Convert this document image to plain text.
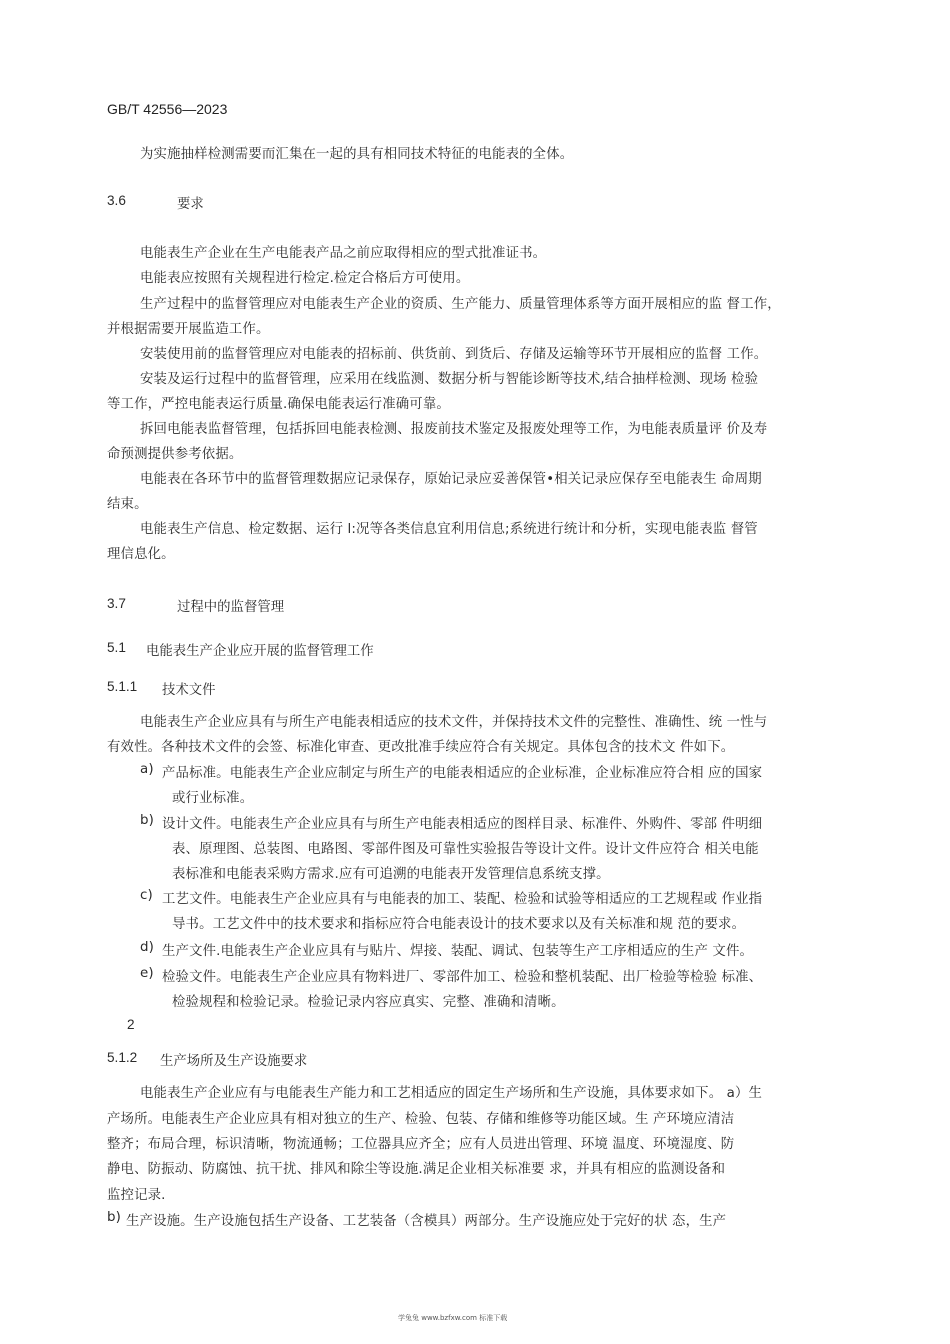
GB/T 42556—2023
为实施抽样检测需要而汇集在一起的具有相同技术特征的电能表的全体。
3.6	要求
电能表生产企业在生产电能表产品之前应取得相应的型式批准证书。
电能表应按照有关规程进行检定.检定合格后方可使用。
生产过程中的监督管理应对电能表生产企业的资质、生产能力、质量管理体系等方面开展相应的监 督工作，
并根据需要开展监造工作。
安装使用前的监督管理应对电能表的招标前、供货前、到货后、存储及运输等环节开展相应的监督 工作。
安装及运行过程中的监督管理，应采用在线监测、数据分析与智能诊断等技术,结合抽样检测、现场 检验
等工作，严控电能表运行质量.确保电能表运行准确可靠。
拆回电能表监督管理，包括拆回电能表检测、报废前技术鉴定及报废处理等工作，为电能表质量评 价及寿
命预测提供参考依据。
电能表在各环节中的监督管理数据应记录保存，原始记录应妥善保管•相关记录应保存至电能表生 命周期
结束。
电能表生产信息、检定数据、运行 l:况等各类信息宜利用信息;系统进行统计和分析，实现电能表监 督管
理信息化。
3.7	过程中的监督管理
5.1 电能表生产企业应开展的监督管理工作
5.1.1 技术文件
电能表生产企业应具有与所生产电能表相适应的技术文件，并保持技术文件的完整性、准确性、统 一性与
有效性。各种技术文件的会签、标准化审查、更改批准手续应符合有关规定。具体包含的技术文 件如下。
a) 产品标准。电能表生产企业应制定与所生产的电能表相适应的企业标准，企业标准应符合相 应的国家
或行业标准。
b) 设计文件。电能表生产企业应具有与所生产电能表相适应的图样目录、标准件、外购件、零部 件明细
表、原理图、总装图、电路图、零部件图及可靠性实验报告等设计文件。设计文件应符合 相关电能
表标准和电能表采购方需求.应有可追溯的电能表开发管理信息系统支撑。
c) 工艺文件。电能表生产企业应具有与电能表的加工、装配、检验和试验等相适应的工艺规程或 作业指
导书。工艺文件中的技术要求和指标应符合电能表设计的技术要求以及有关标准和规 范的要求。
d) 生产文件.电能表生产企业应具有与贴片、焊接、装配、调试、包装等生产工序相适应的生产 文件。
e) 检验文件。电能表生产企业应具有物料进厂、零部件加工、检验和整机装配、出厂检验等检验 标准、
检验规程和检验记录。检验记录内容应真实、完整、准确和清晰。
2
5.1.2 生产场所及生产设施要求
电能表生产企业应有与电能表生产能力和工艺相适应的固定生产场所和生产设施，具体要求如下。 a）生
产场所。电能表生产企业应具有相对独立的生产、检验、包装、存储和维修等功能区域。生 产环境应清洁
整齐；布局合理，标识清晰，物流通畅；工位器具应齐全；应有人员进出管理、环境 温度、环境湿度、防
静电、防振动、防腐蚀、抗干扰、排风和除尘等设施.满足企业相关标准要 求，并具有相应的监测设备和
监控记录.
b) 生产设施。生产设施包括生产设备、工艺装备（含模具）两部分。生产设施应处于完好的状 态，生产
学兔兔 www.bzfxw.com 标准下载
